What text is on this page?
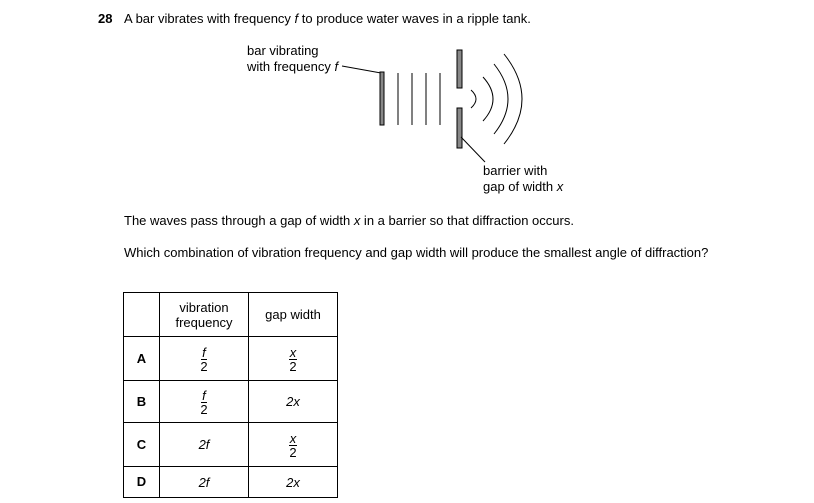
28 A bar vibrates with frequency f to produce water waves in a ripple tank.
bar vibrating
with frequency f
barrier with
gap of width x
The waves pass through a gap of width x in a barrier so that diffraction occurs.
Which combination of vibration frequency and gap width will produce the smallest angle of diffraction?

	vibration
frequency	gap width

A	$\frac{f}{2}$	$\frac{x}{2}$

B	$\frac{f}{2}$	2x

C	2f	$\frac{x}{2}$

D	2f	2x
